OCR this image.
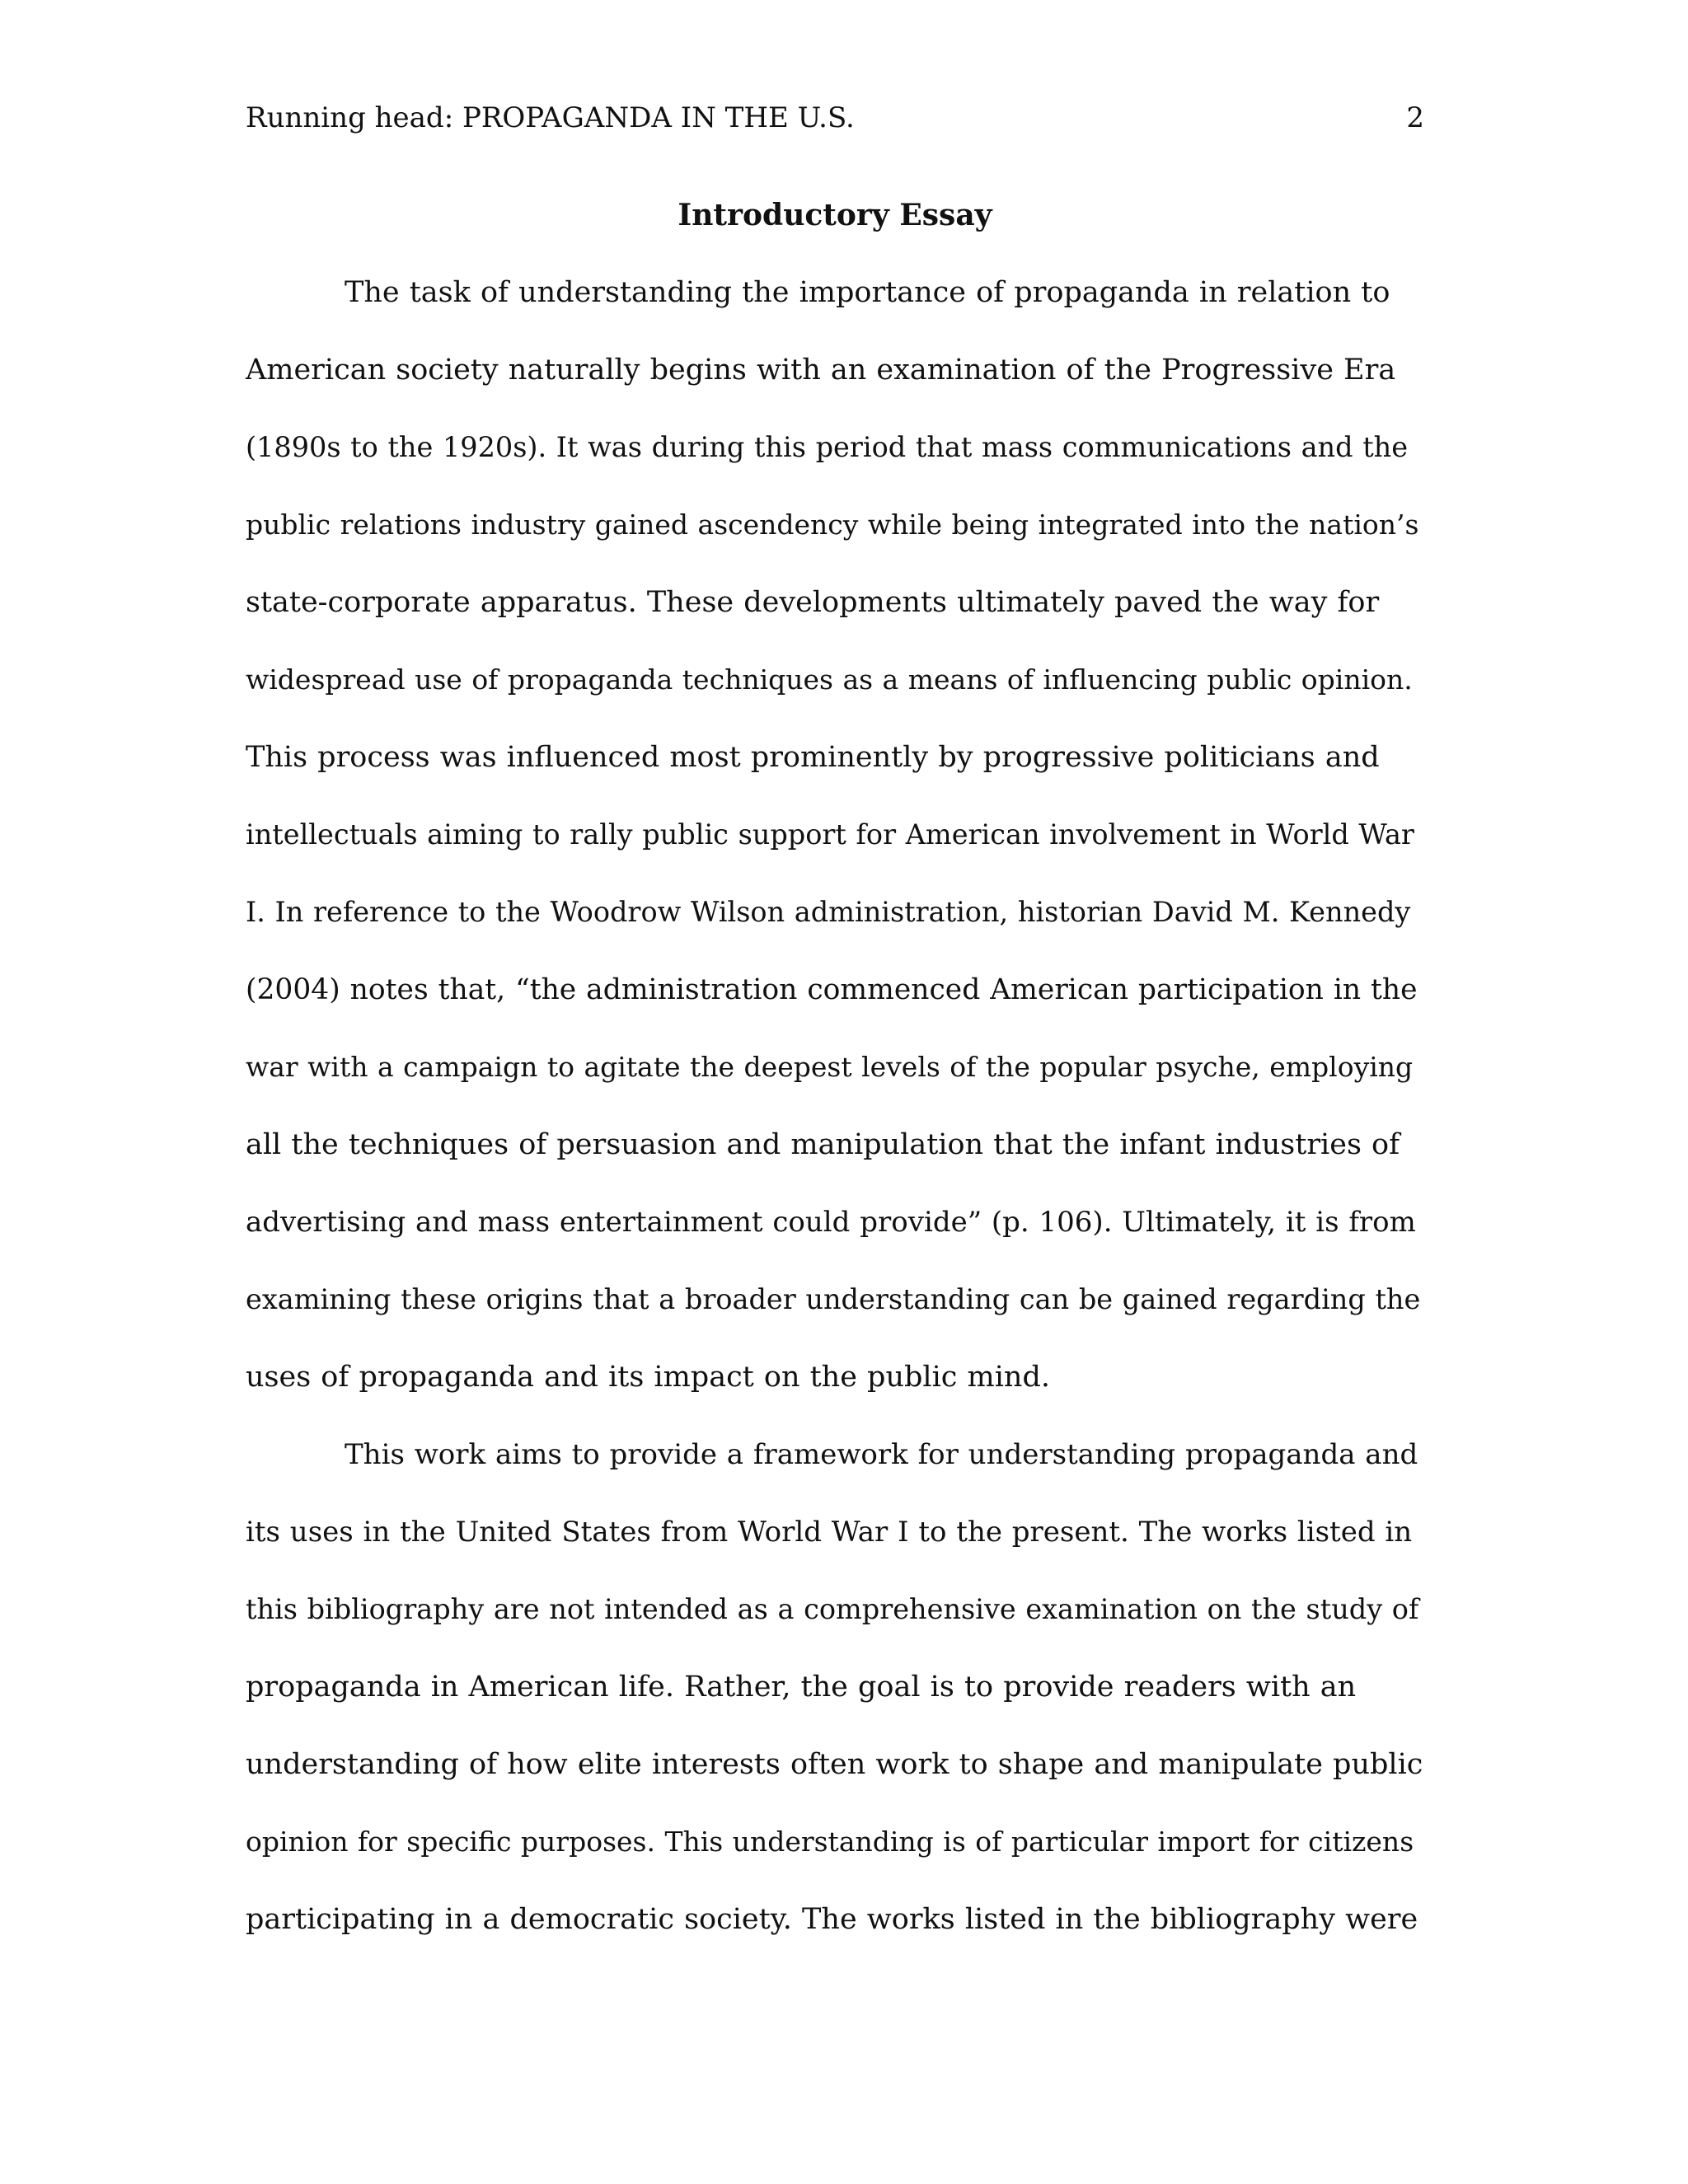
Running head: PROPAGANDA IN THE U.S.	2
Introductory Essay
The task of understanding the importance of propaganda in relation to
American society naturally begins with an examination of the Progressive Era
(1890s to the 1920s). It was during this period that mass communications and the
public relations industry gained ascendency while being integrated into the nation’s
state-corporate apparatus. These developments ultimately paved the way for
widespread use of propaganda techniques as a means of influencing public opinion.
This process was influenced most prominently by progressive politicians and
intellectuals aiming to rally public support for American involvement in World War
I. In reference to the Woodrow Wilson administration, historian David M. Kennedy
(2004) notes that, “the administration commenced American participation in the
war with a campaign to agitate the deepest levels of the popular psyche, employing
all the techniques of persuasion and manipulation that the infant industries of
advertising and mass entertainment could provide” (p. 106). Ultimately, it is from
examining these origins that a broader understanding can be gained regarding the
uses of propaganda and its impact on the public mind.
This work aims to provide a framework for understanding propaganda and
its uses in the United States from World War I to the present. The works listed in
this bibliography are not intended as a comprehensive examination on the study of
propaganda in American life. Rather, the goal is to provide readers with an
understanding of how elite interests often work to shape and manipulate public
opinion for specific purposes. This understanding is of particular import for citizens
participating in a democratic society. The works listed in the bibliography were
